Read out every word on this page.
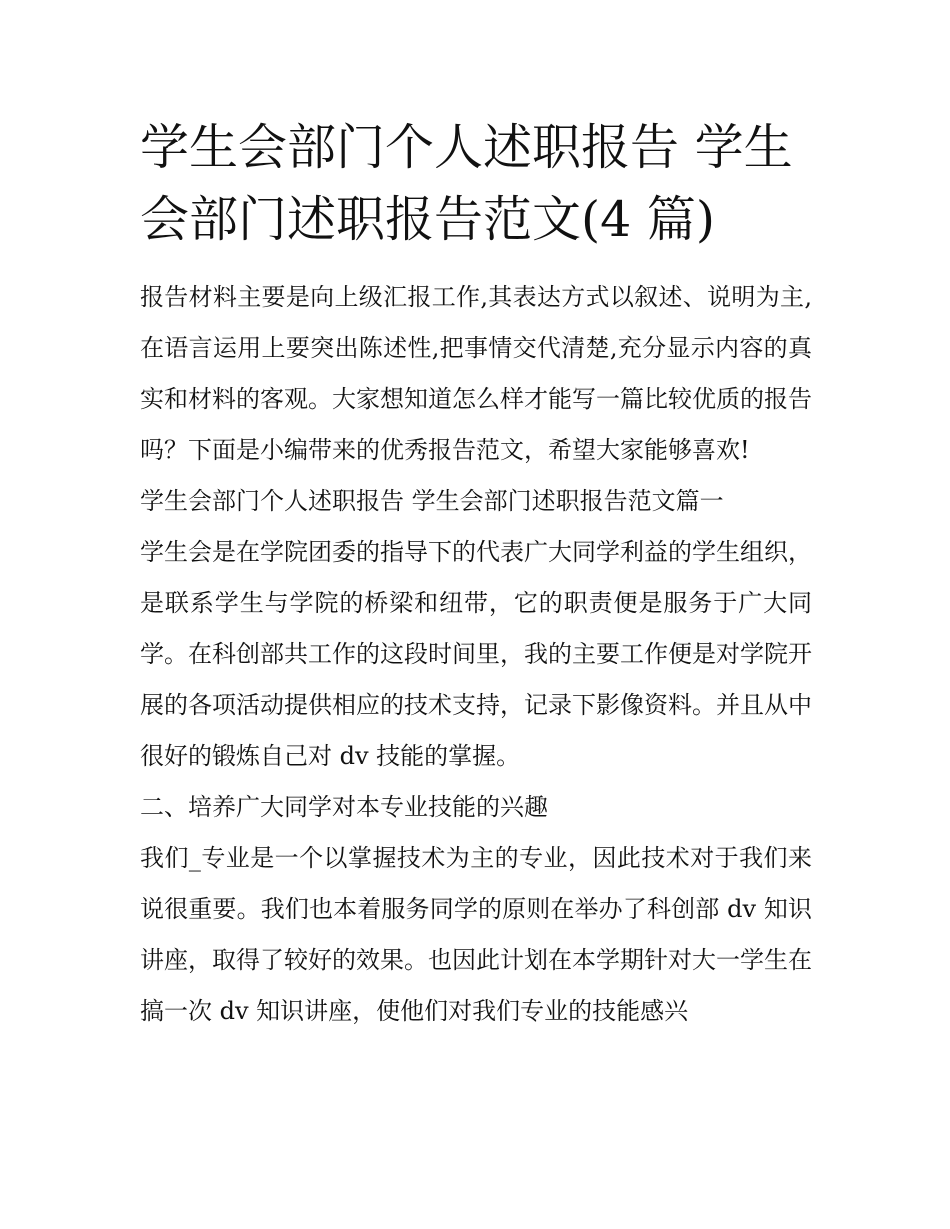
学生会部门个人述职报告 学生会部门述职报告范文(4 篇)

报告材料主要是向上级汇报工作,其表达方式以叙述、说明为主,在语言运用上要突出陈述性,把事情交代清楚,充分显示内容的真实和材料的客观。大家想知道怎么样才能写一篇比较优质的报告吗？下面是小编带来的优秀报告范文，希望大家能够喜欢!

学生会部门个人述职报告 学生会部门述职报告范文篇一

学生会是在学院团委的指导下的代表广大同学利益的学生组织，是联系学生与学院的桥梁和纽带，它的职责便是服务于广大同学。在科创部共工作的这段时间里，我的主要工作便是对学院开展的各项活动提供相应的技术支持，记录下影像资料。并且从中很好的锻炼自己对 dv 技能的掌握。

二、培养广大同学对本专业技能的兴趣

我们_专业是一个以掌握技术为主的专业，因此技术对于我们来说很重要。我们也本着服务同学的原则在举办了科创部 dv 知识讲座，取得了较好的效果。也因此计划在本学期针对大一学生在搞一次 dv 知识讲座，使他们对我们专业的技能感兴
